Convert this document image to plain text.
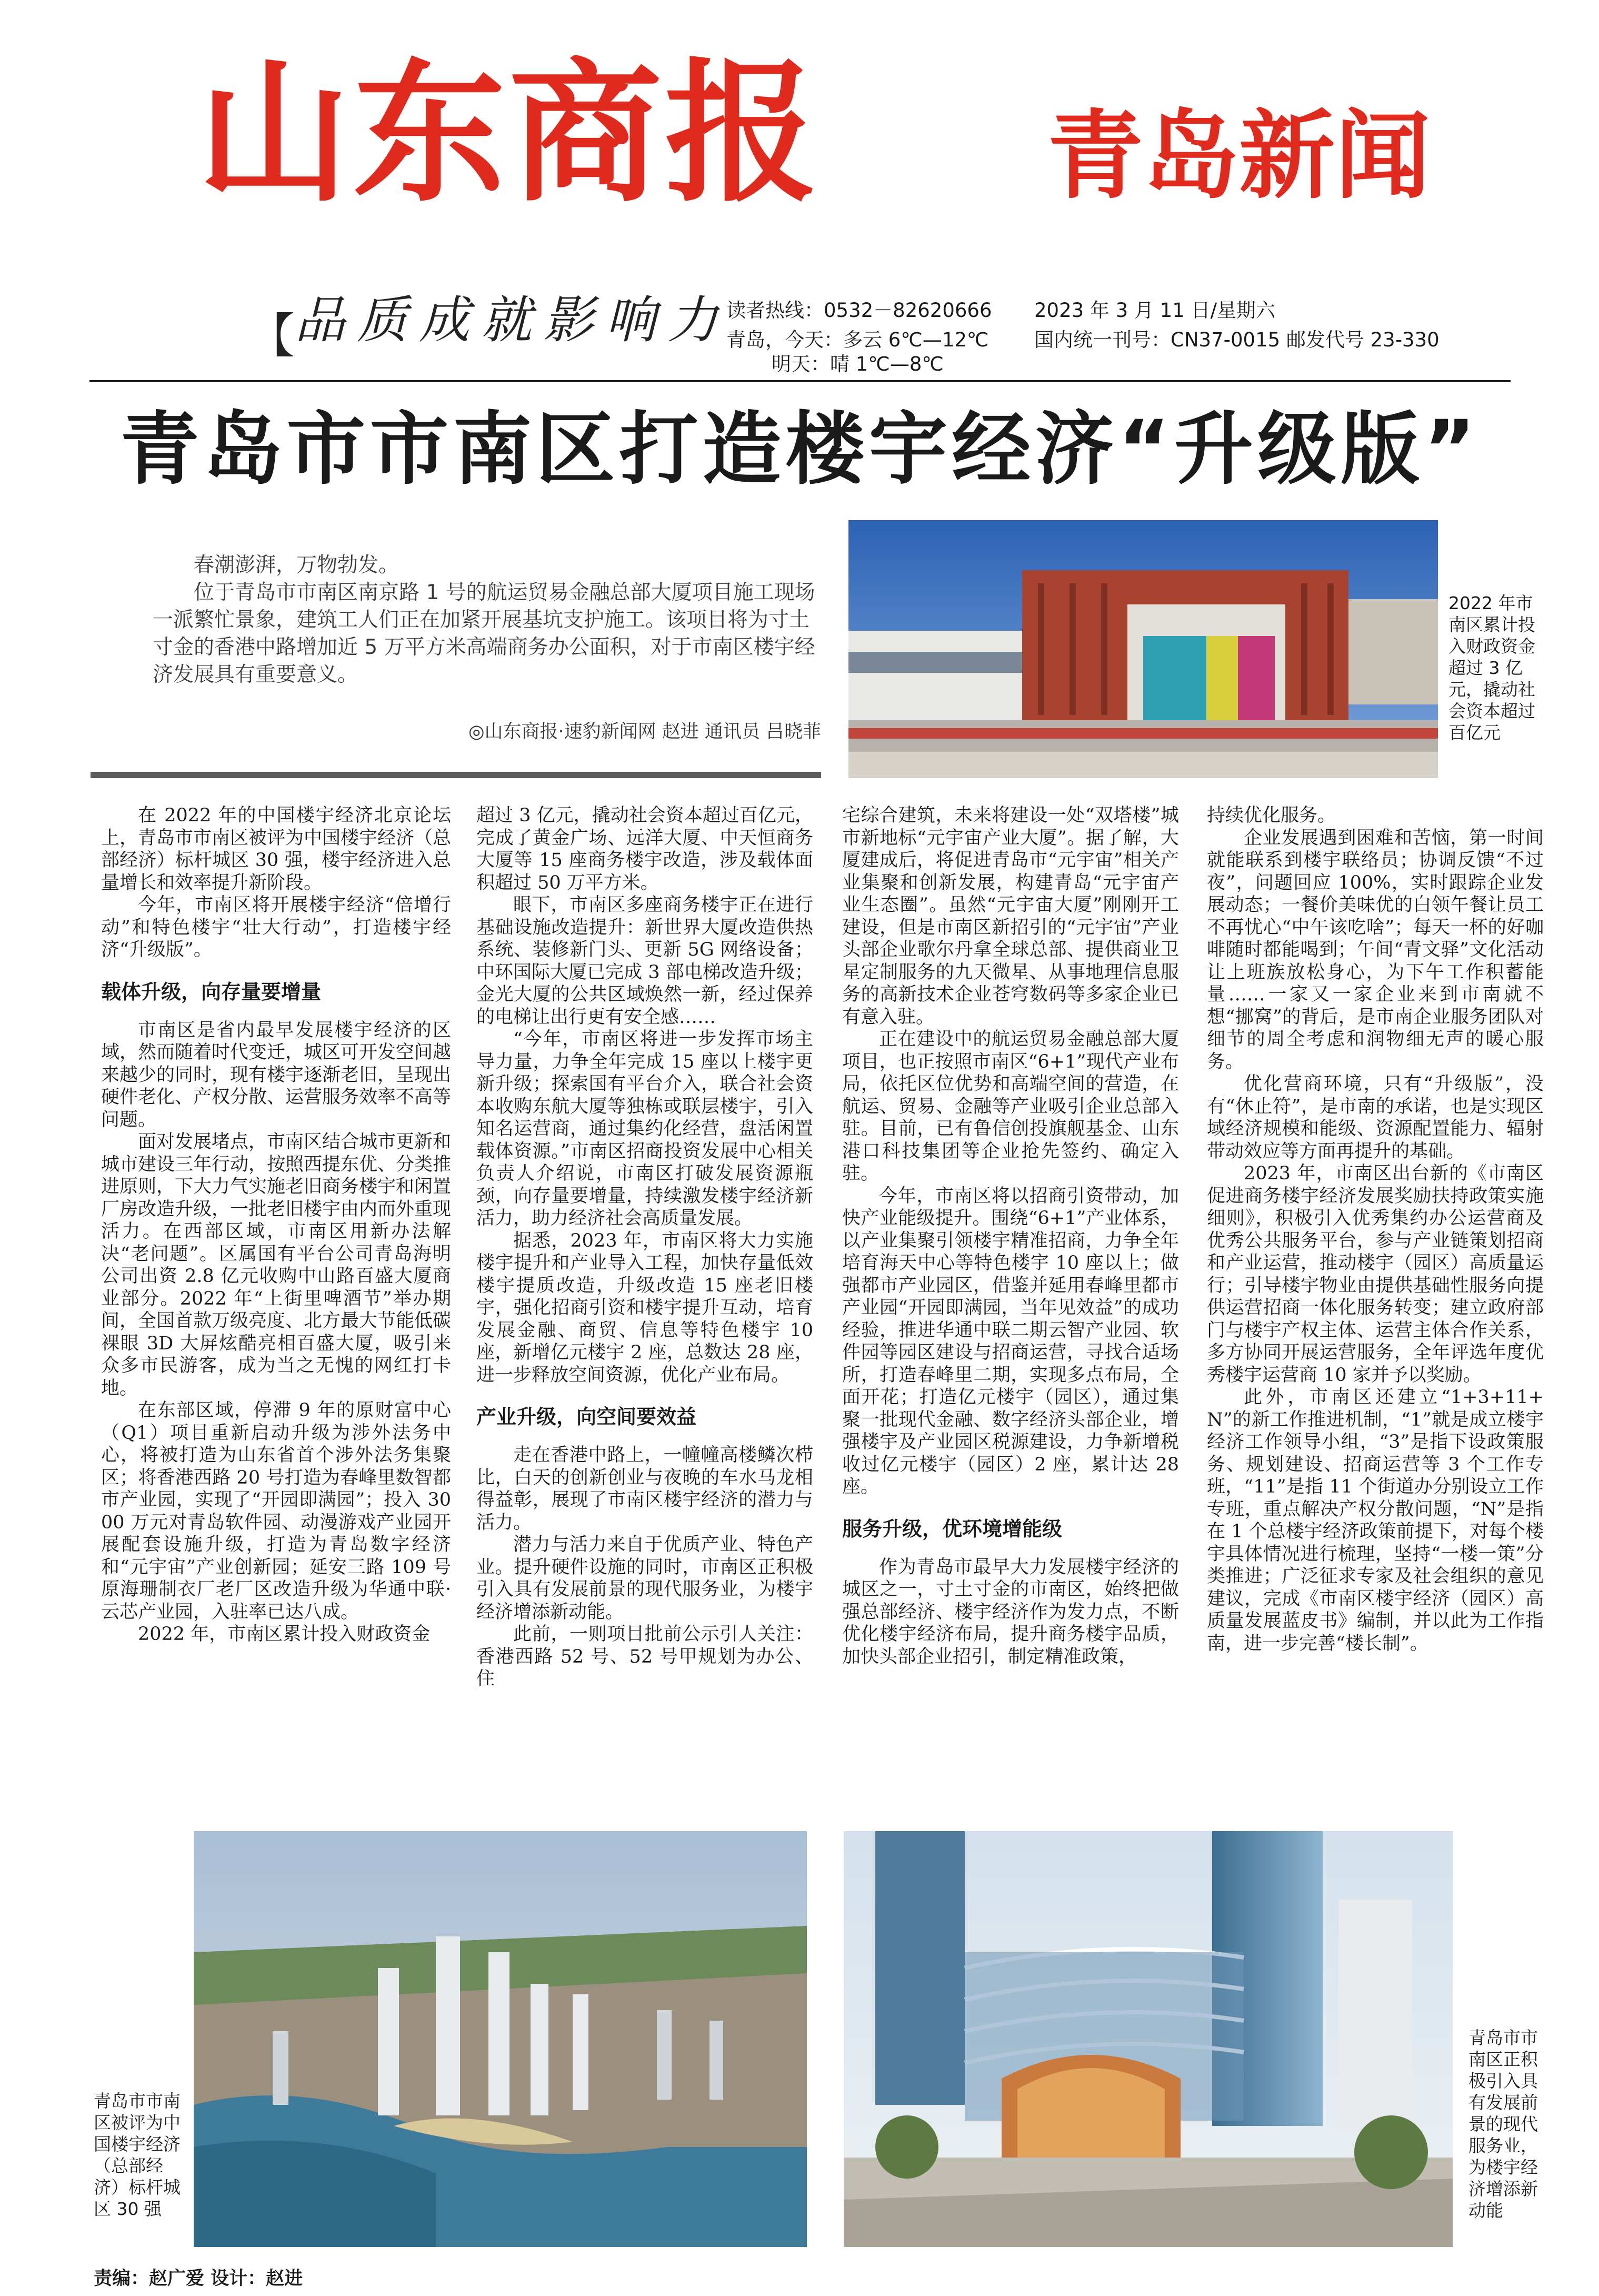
山东商报 青岛新闻
【 品质成就影响力
读者热线：0532－82620666
青岛，今天：多云 6℃—12℃
明天：晴 1℃—8℃
2023 年 3 月 11 日/星期六
国内统一刊号：CN37-0015 邮发代号 23-330
青岛市市南区打造楼宇经济“升级版”

春潮澎湃，万物勃发。

位于青岛市市南区南京路 1 号的航运贸易金融总部大厦项目施工现场一派繁忙景象，建筑工人们正在加紧开展基坑支护施工。该项目将为寸土寸金的香港中路增加近 5 万平方米高端商务办公面积，对于市南区楼宇经济发展具有重要意义。

◎山东商报·速豹新闻网 赵进 通讯员 吕晓菲
2022 年市南区累计投入财政资金超过 3 亿元，撬动社会资本超过百亿元

在 2022 年的中国楼宇经济北京论坛上，青岛市市南区被评为中国楼宇经济（总部经济）标杆城区 30 强，楼宇经济进入总量增长和效率提升新阶段。

今年，市南区将开展楼宇经济“倍增行动”和特色楼宇“壮大行动”，打造楼宇经济“升级版”。

载体升级，向存量要增量

市南区是省内最早发展楼宇经济的区域，然而随着时代变迁，城区可开发空间越来越少的同时，现有楼宇逐渐老旧，呈现出硬件老化、产权分散、运营服务效率不高等问题。

面对发展堵点，市南区结合城市更新和城市建设三年行动，按照西提东优、分类推进原则，下大力气实施老旧商务楼宇和闲置厂房改造升级，一批老旧楼宇由内而外重现活力。在西部区域，市南区用新办法解决“老问题”。区属国有平台公司青岛海明公司出资 2.8 亿元收购中山路百盛大厦商业部分。2022 年“上街里啤酒节”举办期间，全国首款万级亮度、北方最大节能低碳裸眼 3D 大屏炫酷亮相百盛大厦，吸引来众多市民游客，成为当之无愧的网红打卡地。

在东部区域，停滞 9 年的原财富中心（Q1）项目重新启动升级为涉外法务中心，将被打造为山东省首个涉外法务集聚区；将香港西路 20 号打造为春峰里数智都市产业园，实现了“开园即满园”；投入 3000 万元对青岛软件园、动漫游戏产业园开展配套设施升级，打造为青岛数字经济和“元宇宙”产业创新园；延安三路 109 号原海珊制衣厂老厂区改造升级为华通中联·云芯产业园，入驻率已达八成。

2022 年，市南区累计投入财政资金

超过 3 亿元，撬动社会资本超过百亿元，完成了黄金广场、远洋大厦、中天恒商务大厦等 15 座商务楼宇改造，涉及载体面积超过 50 万平方米。

眼下，市南区多座商务楼宇正在进行基础设施改造提升：新世界大厦改造供热系统、装修新门头、更新 5G 网络设备；中环国际大厦已完成 3 部电梯改造升级；金光大厦的公共区域焕然一新，经过保养的电梯让出行更有安全感……

“今年，市南区将进一步发挥市场主导力量，力争全年完成 15 座以上楼宇更新升级；探索国有平台介入，联合社会资本收购东航大厦等独栋或联层楼宇，引入知名运营商，通过集约化经营，盘活闲置载体资源。”市南区招商投资发展中心相关负责人介绍说，市南区打破发展资源瓶颈，向存量要增量，持续激发楼宇经济新活力，助力经济社会高质量发展。

据悉，2023 年，市南区将大力实施楼宇提升和产业导入工程，加快存量低效楼宇提质改造，升级改造 15 座老旧楼宇，强化招商引资和楼宇提升互动，培育发展金融、商贸、信息等特色楼宇 10 座，新增亿元楼宇 2 座，总数达 28 座，进一步释放空间资源，优化产业布局。

产业升级，向空间要效益

走在香港中路上，一幢幢高楼鳞次栉比，白天的创新创业与夜晚的车水马龙相得益彰，展现了市南区楼宇经济的潜力与活力。

潜力与活力来自于优质产业、特色产业。提升硬件设施的同时，市南区正积极引入具有发展前景的现代服务业，为楼宇经济增添新动能。

此前，一则项目批前公示引人关注：香港西路 52 号、52 号甲规划为办公、住

宅综合建筑，未来将建设一处“双塔楼”城市新地标“元宇宙产业大厦”。据了解，大厦建成后，将促进青岛市“元宇宙”相关产业集聚和创新发展，构建青岛“元宇宙产业生态圈”。虽然“元宇宙大厦”刚刚开工建设，但是市南区新招引的“元宇宙”产业头部企业歌尔丹拿全球总部、提供商业卫星定制服务的九天微星、从事地理信息服务的高新技术企业苍穹数码等多家企业已有意入驻。

正在建设中的航运贸易金融总部大厦项目，也正按照市南区“6+1”现代产业布局，依托区位优势和高端空间的营造，在航运、贸易、金融等产业吸引企业总部入驻。目前，已有鲁信创投旗舰基金、山东港口科技集团等企业抢先签约、确定入驻。

今年，市南区将以招商引资带动，加快产业能级提升。围绕“6+1”产业体系，以产业集聚引领楼宇精准招商，力争全年培育海天中心等特色楼宇 10 座以上；做强都市产业园区，借鉴并延用春峰里都市产业园“开园即满园，当年见效益”的成功经验，推进华通中联二期云智产业园、软件园等园区建设与招商运营，寻找合适场所，打造春峰里二期，实现多点布局，全面开花；打造亿元楼宇（园区），通过集聚一批现代金融、数字经济头部企业，增强楼宇及产业园区税源建设，力争新增税收过亿元楼宇（园区）2 座，累计达 28 座。

服务升级，优环境增能级

作为青岛市最早大力发展楼宇经济的城区之一，寸土寸金的市南区，始终把做强总部经济、楼宇经济作为发力点，不断优化楼宇经济布局，提升商务楼宇品质，加快头部企业招引，制定精准政策，

持续优化服务。

企业发展遇到困难和苦恼，第一时间就能联系到楼宇联络员；协调反馈“不过夜”，问题回应 100%，实时跟踪企业发展动态；一餐价美味优的白领午餐让员工不再忧心“中午该吃啥”；每天一杯的好咖啡随时都能喝到；午间“青文驿”文化活动让上班族放松身心，为下午工作积蓄能量……一家又一家企业来到市南就不想“挪窝”的背后，是市南企业服务团队对细节的周全考虑和润物细无声的暖心服务。

优化营商环境，只有“升级版”，没有“休止符”，是市南的承诺，也是实现区域经济规模和能级、资源配置能力、辐射带动效应等方面再提升的基础。

2023 年，市南区出台新的《市南区促进商务楼宇经济发展奖励扶持政策实施细则》，积极引入优秀集约办公运营商及优秀公共服务平台，参与产业链策划招商和产业运营，推动楼宇（园区）高质量运行；引导楼宇物业由提供基础性服务向提供运营招商一体化服务转变；建立政府部门与楼宇产权主体、运营主体合作关系，多方协同开展运营服务，全年评选年度优秀楼宇运营商 10 家并予以奖励。

此外，市南区还建立“1+3+11+N”的新工作推进机制，“1”就是成立楼宇经济工作领导小组，“3”是指下设政策服务、规划建设、招商运营等 3 个工作专班，“11”是指 11 个街道办分别设立工作专班，重点解决产权分散问题，“N”是指在 1 个总楼宇经济政策前提下，对每个楼宇具体情况进行梳理，坚持“一楼一策”分类推进；广泛征求专家及社会组织的意见建议，完成《市南区楼宇经济（园区）高质量发展蓝皮书》编制，并以此为工作指南，进一步完善“楼长制”。

青岛市市南区被评为中国楼宇经济（总部经济）标杆城区 30 强
青岛市市南区正积极引入具有发展前景的现代服务业，为楼宇经济增添新动能
责编：赵广爱 设计：赵进
